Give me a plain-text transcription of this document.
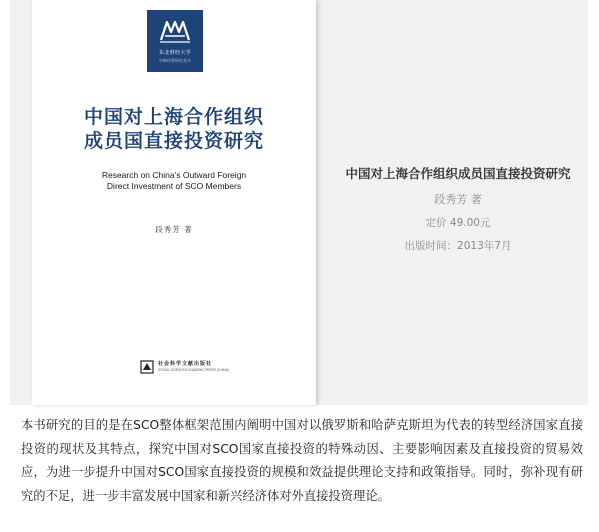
东北财经大学
中新经管研究丛书
中国对上海合作组织
成员国直接投资研究
Research on China's Outward Foreign
Direct Investment of SCO Members
段秀芳 著
社会科学文献出版社
SOCIAL SCIENCES ACADEMIC PRESS (CHINA)
中国对上海合作组织成员国直接投资研究
段秀芳 著
定价 49.00元
出版时间：2013年7月

本书研究的目的是在SCO整体框架范围内阐明中国对以俄罗斯和哈萨克斯坦为代表的转型经济国家直接投资的现状及其特点，探究中国对SCO国家直接投资的特殊动因、主要影响因素及直接投资的贸易效应，为进一步提升中国对SCO国家直接投资的规模和效益提供理论支持和政策指导。同时，弥补现有研究的不足，进一步丰富发展中国家和新兴经济体对外直接投资理论。
